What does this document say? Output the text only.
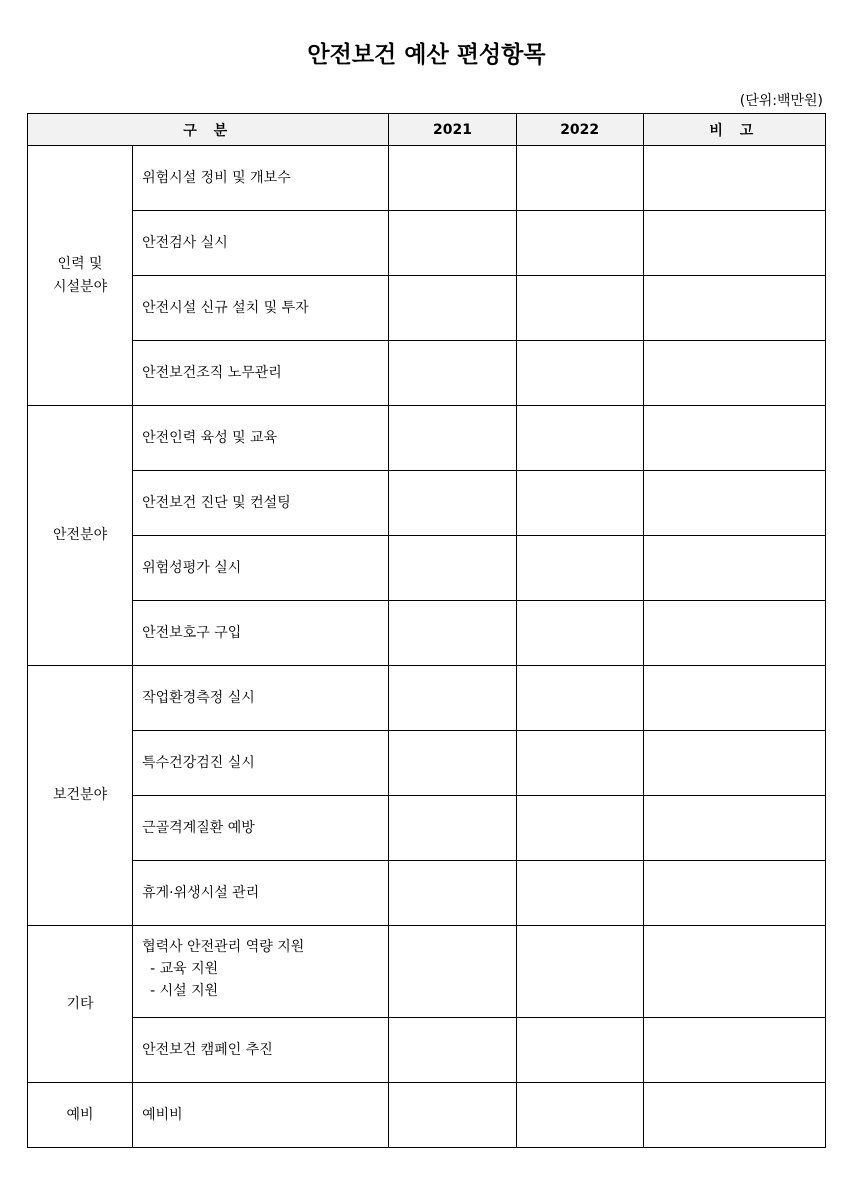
안전보건 예산 편성항목
(단위:백만원)
구 분		2021	2022	비 고
인력 및
시설분야	위험시설 정비 및 개보수			
	안전검사 실시			
	안전시설 신규 설치 및 투자			
	안전보건조직 노무관리			
안전분야	안전인력 육성 및 교육			
	안전보건 진단 및 컨설팅			
	위험성평가 실시			
	안전보호구 구입			
보건분야	작업환경측정 실시			
	특수건강검진 실시			
	근골격계질환 예방			
	휴게·위생시설 관리			
기타	협력사 안전관리 역량 지원
- 교육 지원
- 시설 지원			

	안전보건 캠페인 추진			
예비	예비비			
